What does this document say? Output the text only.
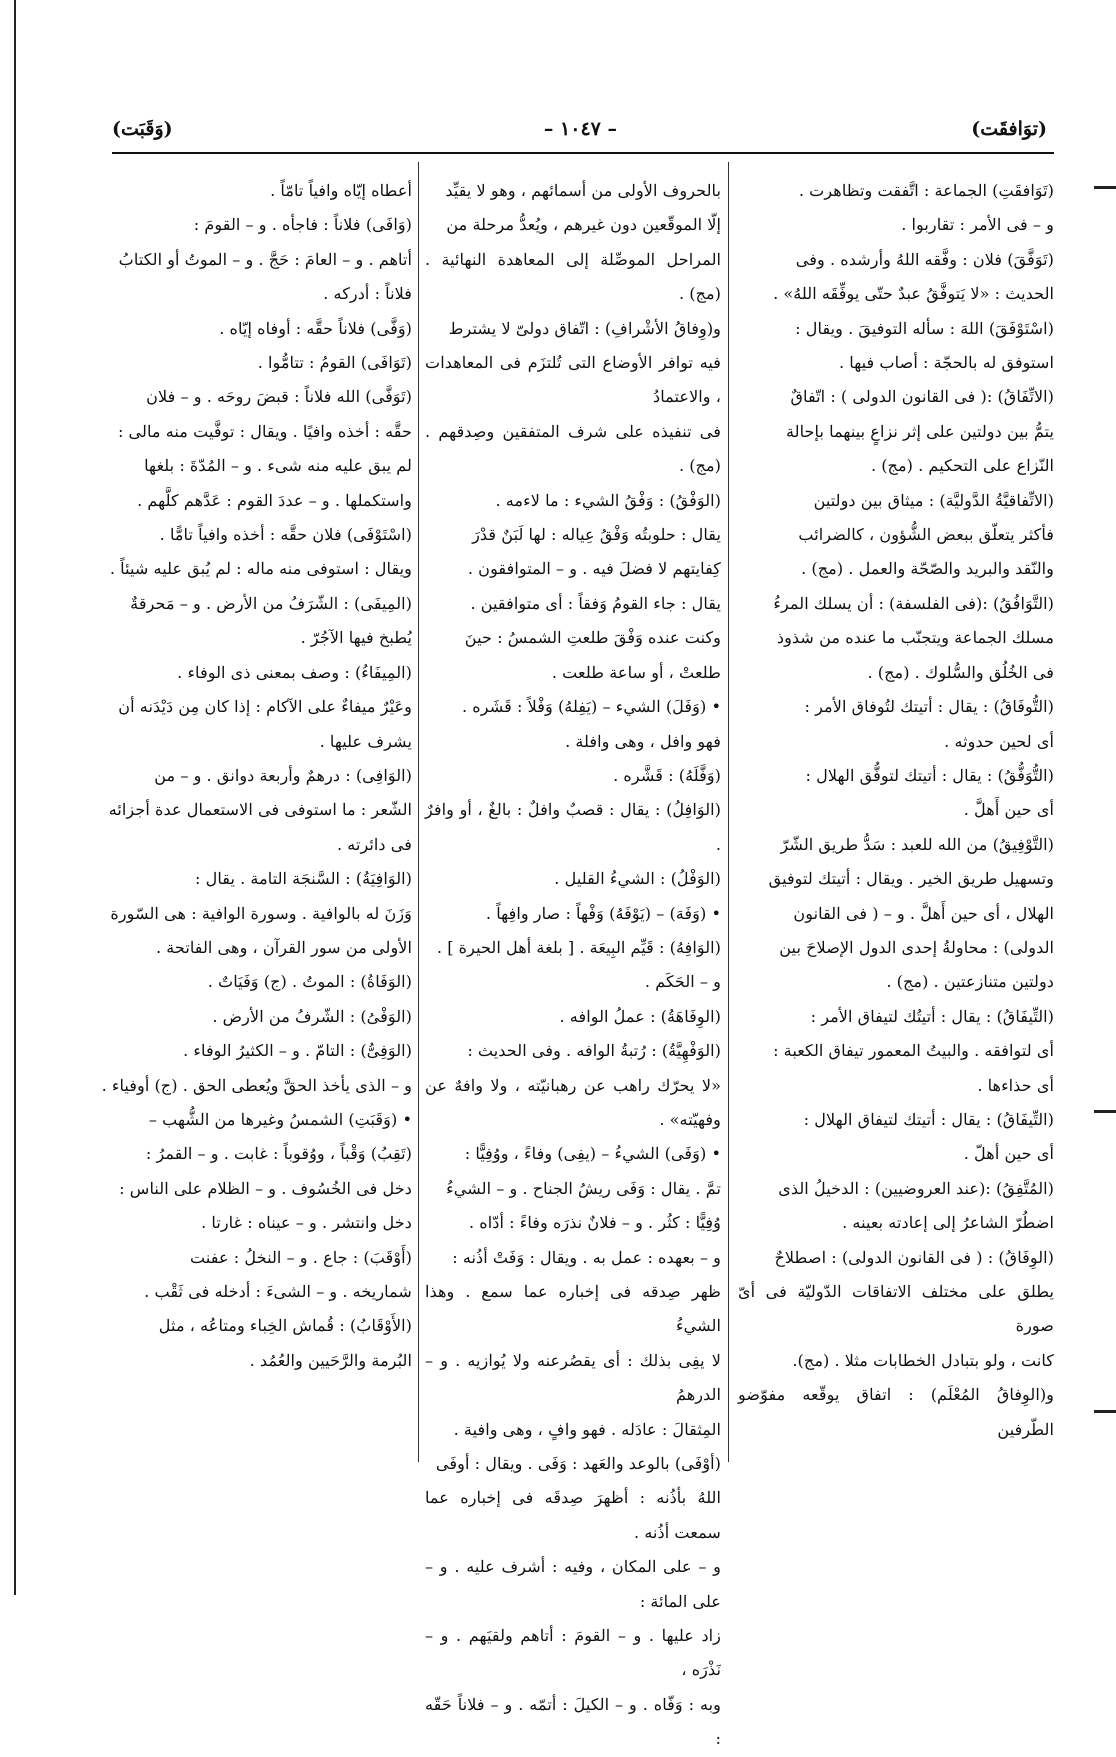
(توَافقَت)
– ١٠٤٧ –
(وَقَبَت)

(تَوَافقَتِ) الجماعة : اتَّفقت وتظاهرت .

و – فى الأمر : تقاربوا .

(تَوَفَّقَ) فلان : وفَّقه اللهُ وأرشده . وفى

الحديث : «لا يَتوفَّقُ عبدٌ حتّى يوفِّقَه اللهُ» .

(اسْتَوْفَقَ) اللهَ : سأله التوفيقَ . ويقال :

استوفق له بالحجّة : أصاب فيها .

(الاتِّفَاقُ) :( فى القانون الدولى ) : اتّفاقٌ

يتمُّ بين دولتين على إثر نزاعٍ بينهما بإحالة

النّزاع على التحكيم . (مج) .

(الاتِّفاقيَّةُ الدَّوليَّة) : ميثاق بين دولتين

فأكثر يتعلّق ببعض الشُّؤون ، كالضرائب

والنّقد والبريد والصّحّة والعمل . (مج) .

(التَّوَافُقُ) :(فى الفلسفة) : أن يسلك المرءُ

مسلك الجماعة ويتجنّب ما عنده من شذوذ

فى الخُلُق والسُّلوك . (مج) .

(التُّوفَاقُ) : يقال : أتيتك لتُوفاق الأمر :

أى لحين حدوثه .

(التُّوَفُّقُ) : يقال : أتيتك لتوفُّق الهلال :

أى حين أَهلَّ .

(التَّوْفِيقُ) من الله للعبد : سَدُّ طريق الشّرّ

وتسهيل طريق الخير . ويقال : أتيتك لتوفيق

الهلال ، أى حين أَهلَّ . و – ( فى القانون

الدولى) : محاولةُ إحدى الدول الإصلاحَ بين

دولتين متنازعتين . (مج) .

(التِّيفَاقُ) : يقال : أتيتُك لتيفاق الأمر :

أى لتوافقه . والبيتُ المعمور تيفاق الكعبة :

أى حذاءها .

(التِّيفَاقُ) : يقال : أتيتك لتيفاق الهلال :

أى حين أهلّ .

(المُتَّفِقُ) :(عند العروضيين) : الدخيلُ الذى

اضطُرّ الشاعرُ إلى إعادته بعينه .

(الوِفَاقُ) : ( فى القانون الدولى) : اصطلاحٌ

يطلق على مختلف الاتفاقات الدّوليّة فى أىّ صورة

كانت ، ولو بتبادل الخطابات مثلا . (مج).

و(الوِفاقُ المُعْلَم) : اتفاق يوقّعه مفوّضو الطّرفين

بالحروف الأولى من أسمائهم ، وهو لا يقيِّد

إلّا الموقّعين دون غيرهم ، ويُعدُّ مرحلة من

المراحل الموصِّلة إلى المعاهدة النهائية . (مج) .

و(وِفاقُ الأشْرافِ) : اتّفاق دولىّ لا يشترط

فيه توافر الأوضاع التى تُلتزَم فى المعاهدات ، والاعتمادُ

فى تنفيذه على شرف المتفقين وصِدقهم . (مج) .

(الوَفْقُ) : وَفْقُ الشيء : ما لاءمه .

يقال : حلوبتُه وَفْقُ عِياله : لها لَبَنٌ قدْرَ

كِفايتهم لا فضلَ فيه . و – المتوافقون .

يقال : جاء القومُ وَفقاً : أى متوافقين .

وكنت عنده وَفْقَ طلعتِ الشمسُ : حينَ

طلعتْ ، أو ساعة طلعت .

• (وَفَلَ) الشيء – (يَفِلهُ) وَفْلاً : قَشَره .

فهو وافل ، وهى وافلة .

(وَفَّلَهُ) : قَشَّره .

(الوَافِلُ) : يقال : قصبٌ وافلٌ : بالغٌ ، أو وافرٌ .

(الوَفْلُ) : الشيءُ القليل .

• (وَفَهَ) – (يَوْفَهُ) وَفْهاً : صار وافِهاً .

(الوَافِهُ) : قَيِّم البِيعَة . [ بلغة أهل الحيرة ] .

و – الحَكَم .

(الوِفَاهَةُ) : عملُ الوافه .

(الوَفْهِيَّةُ) : رُتبةُ الوافه . وفى الحديث :

«لا يحرّك راهب عن رهبانيّته ، ولا وافهٌ عن وفهيّته» .

• (وَفَى) الشيءُ – (يفِى) وفاءً ، ووُفِيًّا :

تمَّ . يقال : وَفَى ريشُ الجناح . و – الشيءُ

وُفِيًّا : كثُر . و – فلانٌ نذرَه وفاءً : أدّاه .

و – بعهده : عمل به . ويقال : وَفَتْ أذُنه :

ظهر صِدقه فى إخباره عما سمع . وهذا الشيءُ

لا يفِى بذلك : أى يقصُرعنه ولا يُوازيه . و – الدرهمُ

المِثقالَ : عادَله . فهو وافٍ ، وهى وافية .

(أوْفَى) بالوعد والعَهد : وَفَى . ويقال : أوفَى

اللهُ بأذُنه : أظهرَ صِدقَه فى إخباره عما سمعت أذُنه .

و – على المكان ، وفيه : أشرف عليه . و – على المائة :

زاد عليها . و – القومَ : أتاهم ولقيَهم . و – نَذْرَه ،

وبه : وَفّاه . و – الكيلَ : أتمّه . و – فلاناً حَقّه :

أعطاه إيّاه وافياً تامّاً .

(وَافَى) فلاناً : فاجأه . و – القومَ :

أتاهم . و – العامَ : حَجَّ . و – الموتُ أو الكتابُ

فلاناً : أدركه .

(وَفَّى) فلاناً حقَّه : أوفاه إيّاه .

(تَوَافَى) القومُ : تتامُّوا .

(تَوَفَّى) الله فلاناً : قبضَ روحَه . و – فلان

حقَّه : أخذه وافيًا . ويقال : توفَّيت منه مالى :

لم يبق عليه منه شىء . و – المُدّةَ : بلغها

واستكملها . و – عددَ القوم : عَدَّهم كلَّهم .

(اسْتَوْفَى) فلان حقَّه : أخذه وافياً تامًّا .

ويقال : استوفى منه ماله : لم يُبق عليه شيئاً .

(المِيفَى) : الشّرَفُ من الأرض . و – مَحرقةٌ

يُطبخ فيها الآجُرّ .

(المِيفَاءُ) : وصف بمعنى ذى الوفاء .

وعَيْرٌ ميفاءٌ على الآكام : إذا كان مِن دَيْدَنه أن

يشرف عليها .

(الوَافِى) : درهمٌ وأربعة دوانق . و – من

الشّعر : ما استوفى فى الاستعمال عدة أجزائه

فى دائرته .

(الوَافِيَةُ) : السَّنجَة التامة . يقال :

وَزَنَ له بالوافية . وسورة الوافية : هى السّورة

الأولى من سور القرآن ، وهى الفاتحة .

(الوَفَاةُ) : الموتُ . (ج) وَفَيَاتٌ .

(الوَفْىُ) : الشّرفُ من الأرض .

(الوَفِىُّ) : التامّ . و – الكثيرُ الوفاء .

و – الذى يأخذ الحقَّ ويُعطى الحق . (ج) أوفياء .

• (وَقَبَتِ) الشمسُ وغيرها من الشُّهب –

(تَقِبُ) وَقْباً ، ووُقوباً : غابت . و – القمرُ :

دخل فى الخُسُوف . و – الظلام على الناس :

دخل وانتشر . و – عيناه : غارتا .

(أَوْقَبَ) : جاع . و – النخلُ : عفنت

شماريخه . و – الشىءَ : أدخله فى ثَقْب .

(الأَوْقَابُ) : قُماش الخِباء ومتاعُه ، مثل

البُرمة والرَّحَيين والعُمُد .
